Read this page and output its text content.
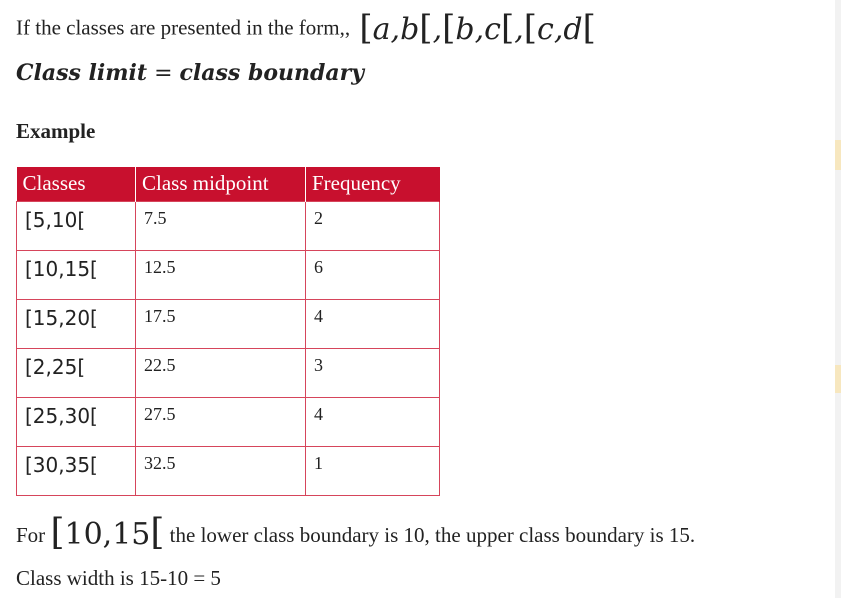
If the classes are presented in the form,, [a,b[,[b,c[,[c,d[
Class limit = class boundary
Example
Classes	Class midpoint	Frequency
[5,10[	7.5	2
[10,15[	12.5	6
[15,20[	17.5	4
[2,25[	22.5	3
[25,30[	27.5	4
[30,35[	32.5	1
For [10,15[ the lower class boundary is 10, the upper class boundary is 15.
Class width is 15-10 = 5
